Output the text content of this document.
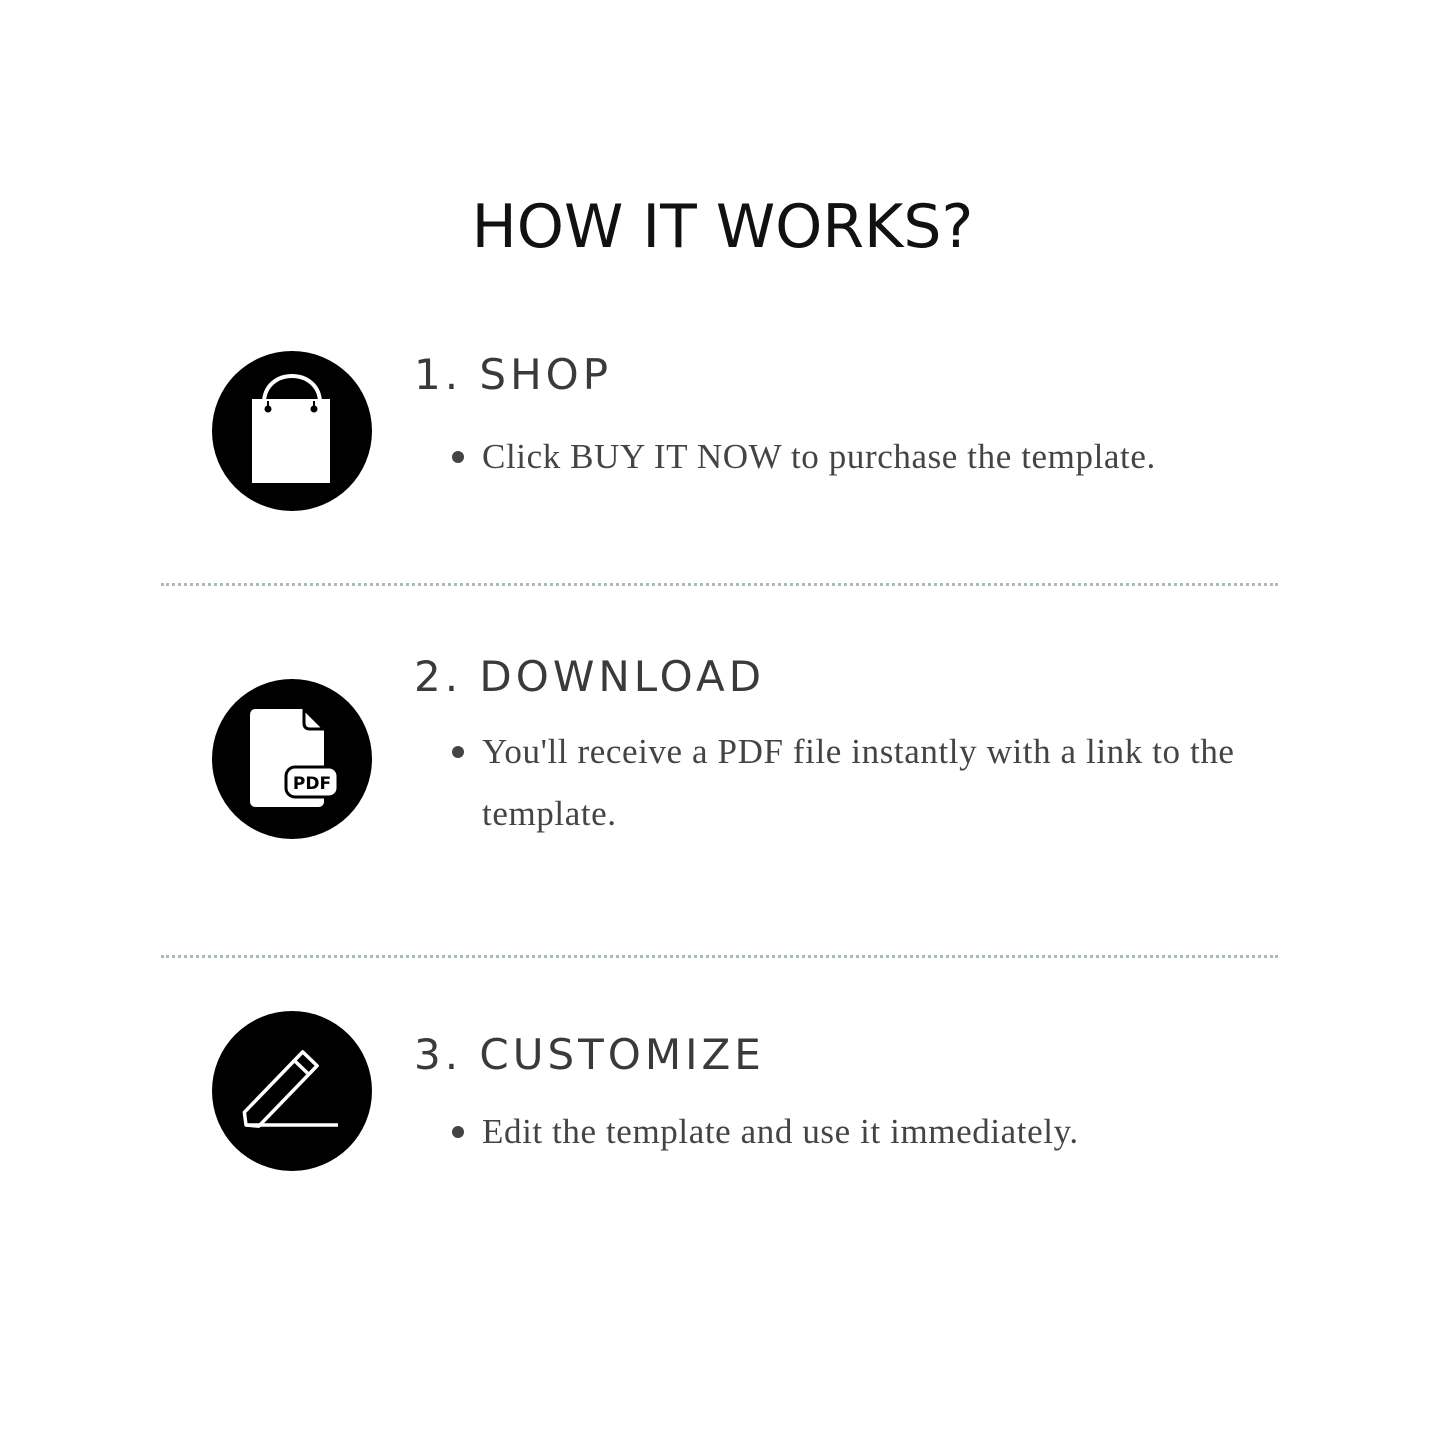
HOW IT WORKS?
1. SHOP
Click BUY IT NOW to purchase the template.
PDF
2. DOWNLOAD
You'll receive a PDF file instantly with a link to the template.
3. CUSTOMIZE
Edit the template and use it immediately.
